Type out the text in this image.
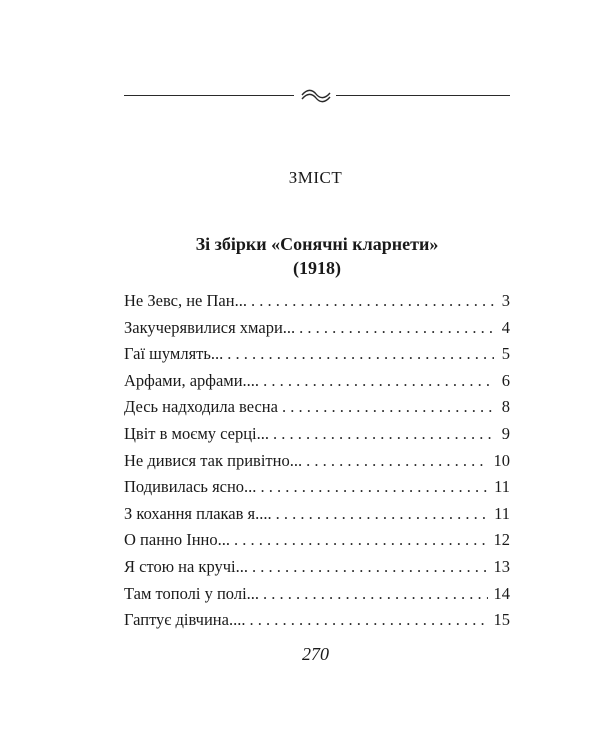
ЗМІСТ
Зі збірки «Сонячні кларнети»
(1918)
Не Зевс, не Пан... . . .	3
Закучерявилися хмари... . . .	4
Гаї шумлять... . . .	5
Арфами, арфами.... . . .	6
Десь надходила весна . . .	8
Цвіт в моєму серці... . . .	9
Не дивися так привітно... . . .	10
Подивилась ясно... . . .	11
З кохання плакав я.... . . .	11
О панно Інно... . . .	12
Я стою на кручі... . . .	13
Там тополі у полі... . . .	14
Гаптує дівчина.... . . .	15
270
